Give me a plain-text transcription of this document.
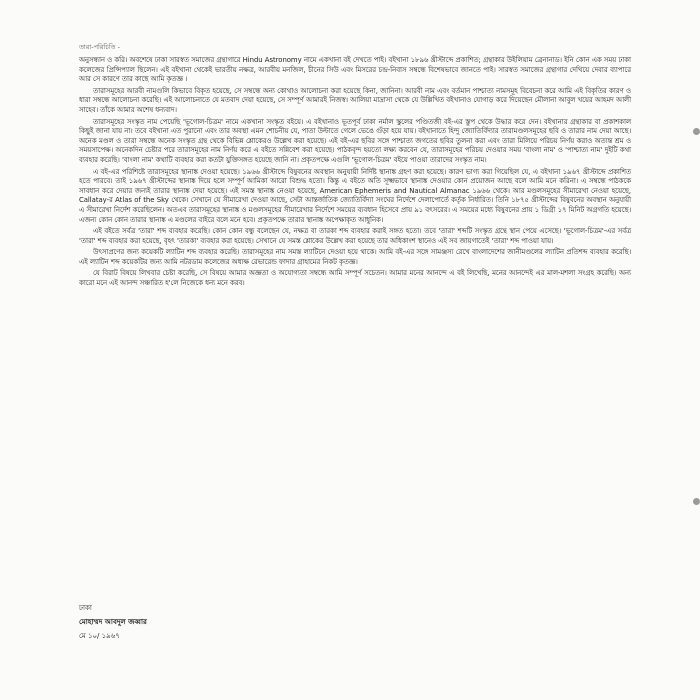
তারা-পরিচিতি -

অনুসন্ধান ও করি। অবশেষে ঢাকা সারস্বত সমাজের গ্রন্থাগারে Hindu Astronomy নামে একখানা বই দেখতে পাই। বইখানা ১৮৯৬ খ্রীস্টাব্দে প্রকাশিত; গ্রন্থাকার উইলিয়াম ব্রেনানাড। ইনি কোন এক সময় ঢাকা কলেজের প্রিন্সিপ্যাল ছিলেন। এই বইখানা থেকেই ভারতীয় নক্ষত্র, আরবীয় মনজিল, চীনের সিউ এবং মিসরের চন্দ্র-নিবাস সম্বন্ধে বিশেষভাবে জানতে পাই। সারস্বত সমাজের গ্রন্থাগার দেখিয়ে দেবার ব্যাপারে আর সে কারণে তার কাছে আমি কৃতজ্ঞ ।

তারাসমূহের আরবী নামগুলি কিভাবে বিকৃত হয়েছে, সে সম্বন্ধে অন্য কোথাও আলোচনা করা হয়েছে কিনা, জানিনা। আরবী নাম এবং বর্তমান পাশ্চাত্য নামসমূহ বিবেচনা করে আমি এই বিকৃতির কারণ ও ধারা সম্বন্ধে আলোচনা করেছি। এই আলোচনাতে যে মতবাদ দেয়া হয়েছে, সে সম্পূর্ণ আমারই নিজস্ব। আলিয়া মাদ্রাসা থেকে যে উল্লিখিত বইখানাও যোগাড় করে দিয়েছেন মৌলানা আবুল খয়ের আহমদ আলী সাহেব। তাঁকে আমার অশেষ ধন্যবাদ।

তারাসমূহের সংস্কৃত নাম পেয়েছি 'ভূগোল-চিত্রম' নামে একখানা সংস্কৃত বইয়ে। এ বইখানাও ভূতপূর্ব ঢাকা নর্মাল স্কুলের পণ্ডিতজী বই-এর স্তুপ থেকে উদ্ধার করে দেন। বইখানার গ্রন্থাকার বা প্রকাশকাল কিছুই জানা যায় না। তবে বইখানা এত পুরানো এবং তার অবস্থা এমন শোচনীয় যে, পাতা উল্টাতে গেলে ভেঙে গুঁড়া হয়ে যায়। বইখানাতে হিন্দু জ্যোতির্বিদ্যার তারামণ্ডলসমূহের ছবি ও তারার নাম দেয়া আছে। অনেক মণ্ডল ও তারা সম্বন্ধে অনেক সংস্কৃত গ্রন্থ থেকে বিভিন্ন শ্লোকেরও উল্লেখ করা হয়েছে। এই বই-এর ছবির সঙ্গে পাশ্চাত্য জগতের ছবির তুলনা করা এবং তারা মিলিয়ে পরিচয় নির্ণয় করাও অত্যন্ত শ্রম ও সময়সাপেক্ষ। অনেকদিন চেষ্টার পরে তারাসমূহের নাম নির্ণয় করে এ বইতে সন্নিবেশ করা হয়েছে। পাঠকবৃন্দ হয়তো লক্ষ্য করবেন যে, তারাসমূহের পরিচয় দেওয়ার সময় 'বাংলা নাম' ও 'পাশ্চাত্য নাম' দুইটি কথা ব্যবহার করেছি। 'বাংলা নাম' কথাটি ব্যবহার করা কতটা যুক্তিসঙ্গত হয়েছে জানি না। প্রকৃতপক্ষে এগুলি 'ভূগোল-চিত্রম' বইয়ে পাওয়া তারাদের সংস্কৃত নাম।

এ বই-এর পরিশিষ্টে তারাসমূহের স্থানাঙ্ক দেওয়া হয়েছে। ১৯৬৬ খ্রীস্টাব্দে বিষুবনের অবস্থান অনুযায়ী নির্দিষ্ট স্থানাঙ্ক গ্রহণ করা হয়েছে। কারণ ভাগ্য করা গিয়েছিল যে, এ বইখানা ১৯৬৭ খ্রীস্টাব্দে প্রকাশিত হতে পারবে। তাই ১৯৬৭ খ্রীস্টাব্দের স্থানাঙ্ক দিয়ে হলে সম্পূর্ণ আমিকা আরো বিশুদ্ধ হতো। কিন্তু এ বইতে অতি সূক্ষ্মভাবে স্থানাঙ্ক দেওয়ার কোন প্রয়োজন আছে বলে আমি মনে করিনা। এ সম্বন্ধে পাঠককে সাবধান করে দেয়ার জন্যই তারার স্থানাঙ্ক দেয়া হয়েছে। এই সমস্ত স্থানাঙ্ক নেওয়া হয়েছে, American Ephemeris and Nautical Almanac ১৯৬৬ থেকে। আর মণ্ডলসমূহের সীমারেখা নেওয়া হয়েছে, Callatay-র Atlas of the Sky থেকে। সেখানে যে সীমারেখা দেওয়া আছে, সেটা আন্তর্জাতিক জ্যোতির্বিদ্যা সংঘের নির্দেশে দেলাপোর্তে কর্তৃক নির্ধারিত। তিনি ১৮৭৫ খ্রীস্টাব্দের বিষুবনের অবস্থান অনুযায়ী এ সীমারেখা নির্দেশ করেছিলেন। অতএব তারাসমূহের স্থানাঙ্ক ও মণ্ডলসমূহের সীমারেখার নির্দেশে সময়ের ব্যবধান হিসেবে প্রায় ৯১ বৎসরের। এ সময়ের মধ্যে বিষুবনের প্রায় ১ ডিগ্রী ১৭ মিনিট অগ্রগতি হয়েছে। এজন্য কোন কোন তারার স্থানাঙ্ক এ মণ্ডলের বাইরে বলে মনে হবে। প্রকৃতপক্ষে তারার স্থানাঙ্ক অপেক্ষাকৃত আধুনিক।

এই বইতে সর্বত্র 'তারা' শব্দ ব্যবহার করেছি। কোন কোন বন্ধু বলেছেন যে, নক্ষত্র বা তারকা শব্দ ব্যবহার করাই সঙ্গত হতো। তবে 'তারা' শব্দটি সংস্কৃত গ্রন্থে স্থান পেয়ে এসেছে। 'ভূগোল-চিত্রম'-এর সর্বত্র 'তারা' শব্দ ব্যবহার করা হয়েছে, বৃহৎ 'তারকা' ব্যবহার করা হয়েছে। সেখানে যে সমস্ত শ্লোকের উল্লেখ করা হয়েছে তার অধিকাংশ স্থানেও এই সব জায়গাতেই 'তারা' শব্দ পাওয়া যায়।

উৎসাপ্রণের জন্য কয়েকটি ল্যাটিন শব্দ ব্যবহার করেছি। তারাসমূহের নাম সমস্ত ল্যাটিনে দেওয়া হয়ে থাকে। আমি বই-এর সঙ্গে সামঞ্জস্য রেখে বাংলাদেশের জানীমণ্ডলের ল্যাটিন প্রতিশব্দ ব্যবহার করেছি। এই ল্যাটিন শব্দ কয়েকটির জন্য আমি নটরডাম কলেজের অধ্যক্ষ রেভারেন্ড ফাদার গ্রাহামের নিকট কৃতজ্ঞ।

যে বিরাট বিষয়ে লিখবার চেষ্টা করেছি, সে বিষয়ে আমার অজ্ঞতা ও অযোগ্যতা সম্বন্ধে আমি সম্পূর্ণ সচেতন। আমার মনের আনন্দে এ বই লিখেছি, মনের আনন্দেই এর মাল-মশলা সংগ্রহ করেছি। অন্য কারো মনে এই আনন্দ সঞ্চারিত হ'লে নিজেকে ধন্য মনে করব।

ঢাকা
মোহাম্মদ আবদুল জব্বার
মে ১০/ ১৯৬৭
